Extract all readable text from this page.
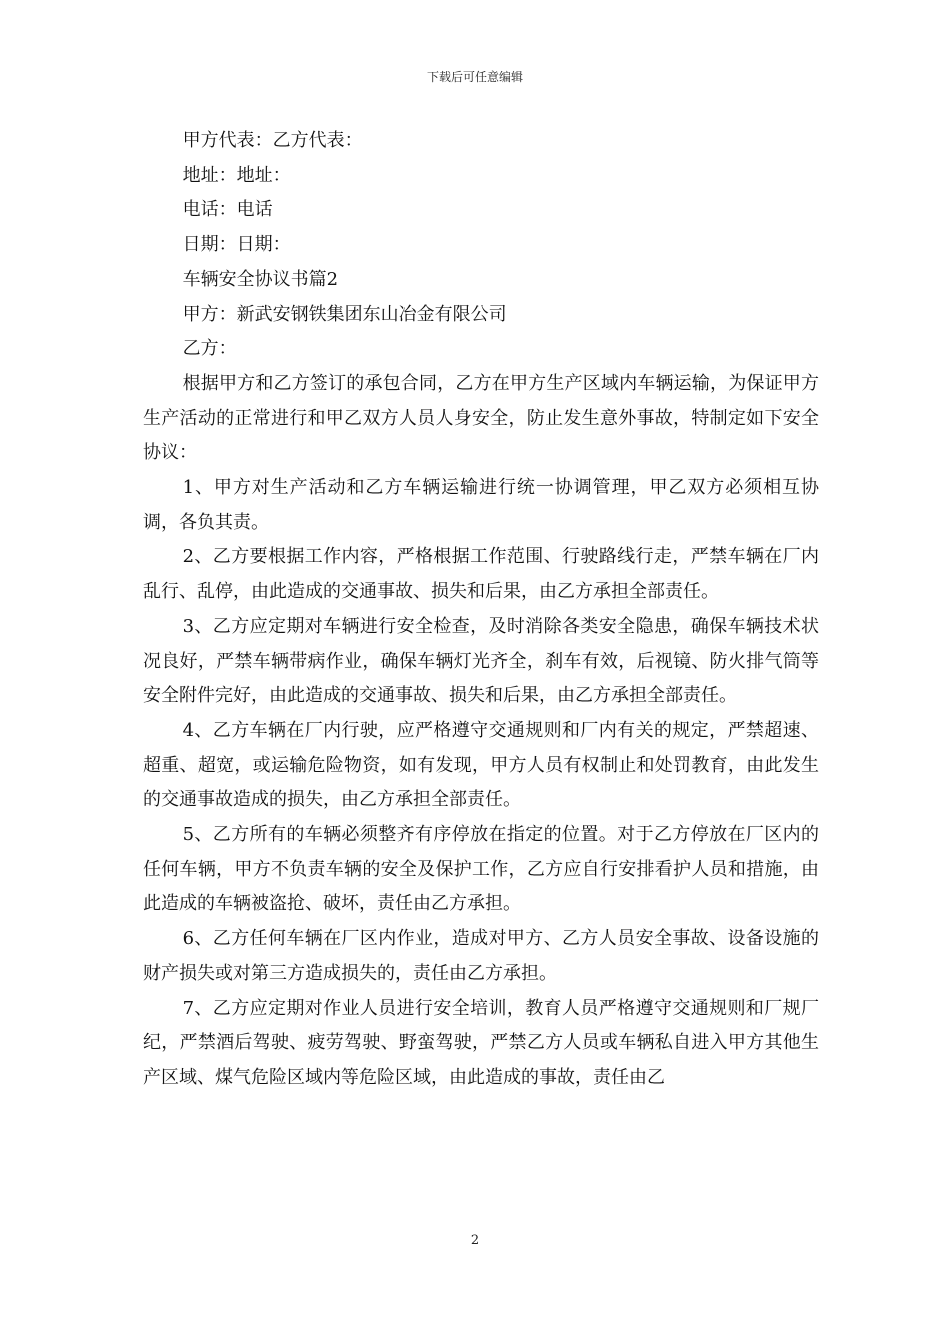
下载后可任意编辑

甲方代表：乙方代表：

地址：地址：

电话：电话

日期：日期：

车辆安全协议书篇2

甲方：新武安钢铁集团东山冶金有限公司

乙方：

根据甲方和乙方签订的承包合同，乙方在甲方生产区域内车辆运输，为保证甲方生产活动的正常进行和甲乙双方人员人身安全，防止发生意外事故，特制定如下安全协议：

1、甲方对生产活动和乙方车辆运输进行统一协调管理，甲乙双方必须相互协调，各负其责。

2、乙方要根据工作内容，严格根据工作范围、行驶路线行走，严禁车辆在厂内乱行、乱停，由此造成的交通事故、损失和后果，由乙方承担全部责任。

3、乙方应定期对车辆进行安全检查，及时消除各类安全隐患，确保车辆技术状况良好，严禁车辆带病作业，确保车辆灯光齐全，刹车有效，后视镜、防火排气筒等安全附件完好，由此造成的交通事故、损失和后果，由乙方承担全部责任。

4、乙方车辆在厂内行驶，应严格遵守交通规则和厂内有关的规定，严禁超速、超重、超宽，或运输危险物资，如有发现，甲方人员有权制止和处罚教育，由此发生的交通事故造成的损失，由乙方承担全部责任。

5、乙方所有的车辆必须整齐有序停放在指定的位置。对于乙方停放在厂区内的任何车辆，甲方不负责车辆的安全及保护工作，乙方应自行安排看护人员和措施，由此造成的车辆被盗抢、破坏，责任由乙方承担。

6、乙方任何车辆在厂区内作业，造成对甲方、乙方人员安全事故、设备设施的财产损失或对第三方造成损失的，责任由乙方承担。

7、乙方应定期对作业人员进行安全培训，教育人员严格遵守交通规则和厂规厂纪，严禁酒后驾驶、疲劳驾驶、野蛮驾驶，严禁乙方人员或车辆私自进入甲方其他生产区域、煤气危险区域内等危险区域，由此造成的事故，责任由乙

2
